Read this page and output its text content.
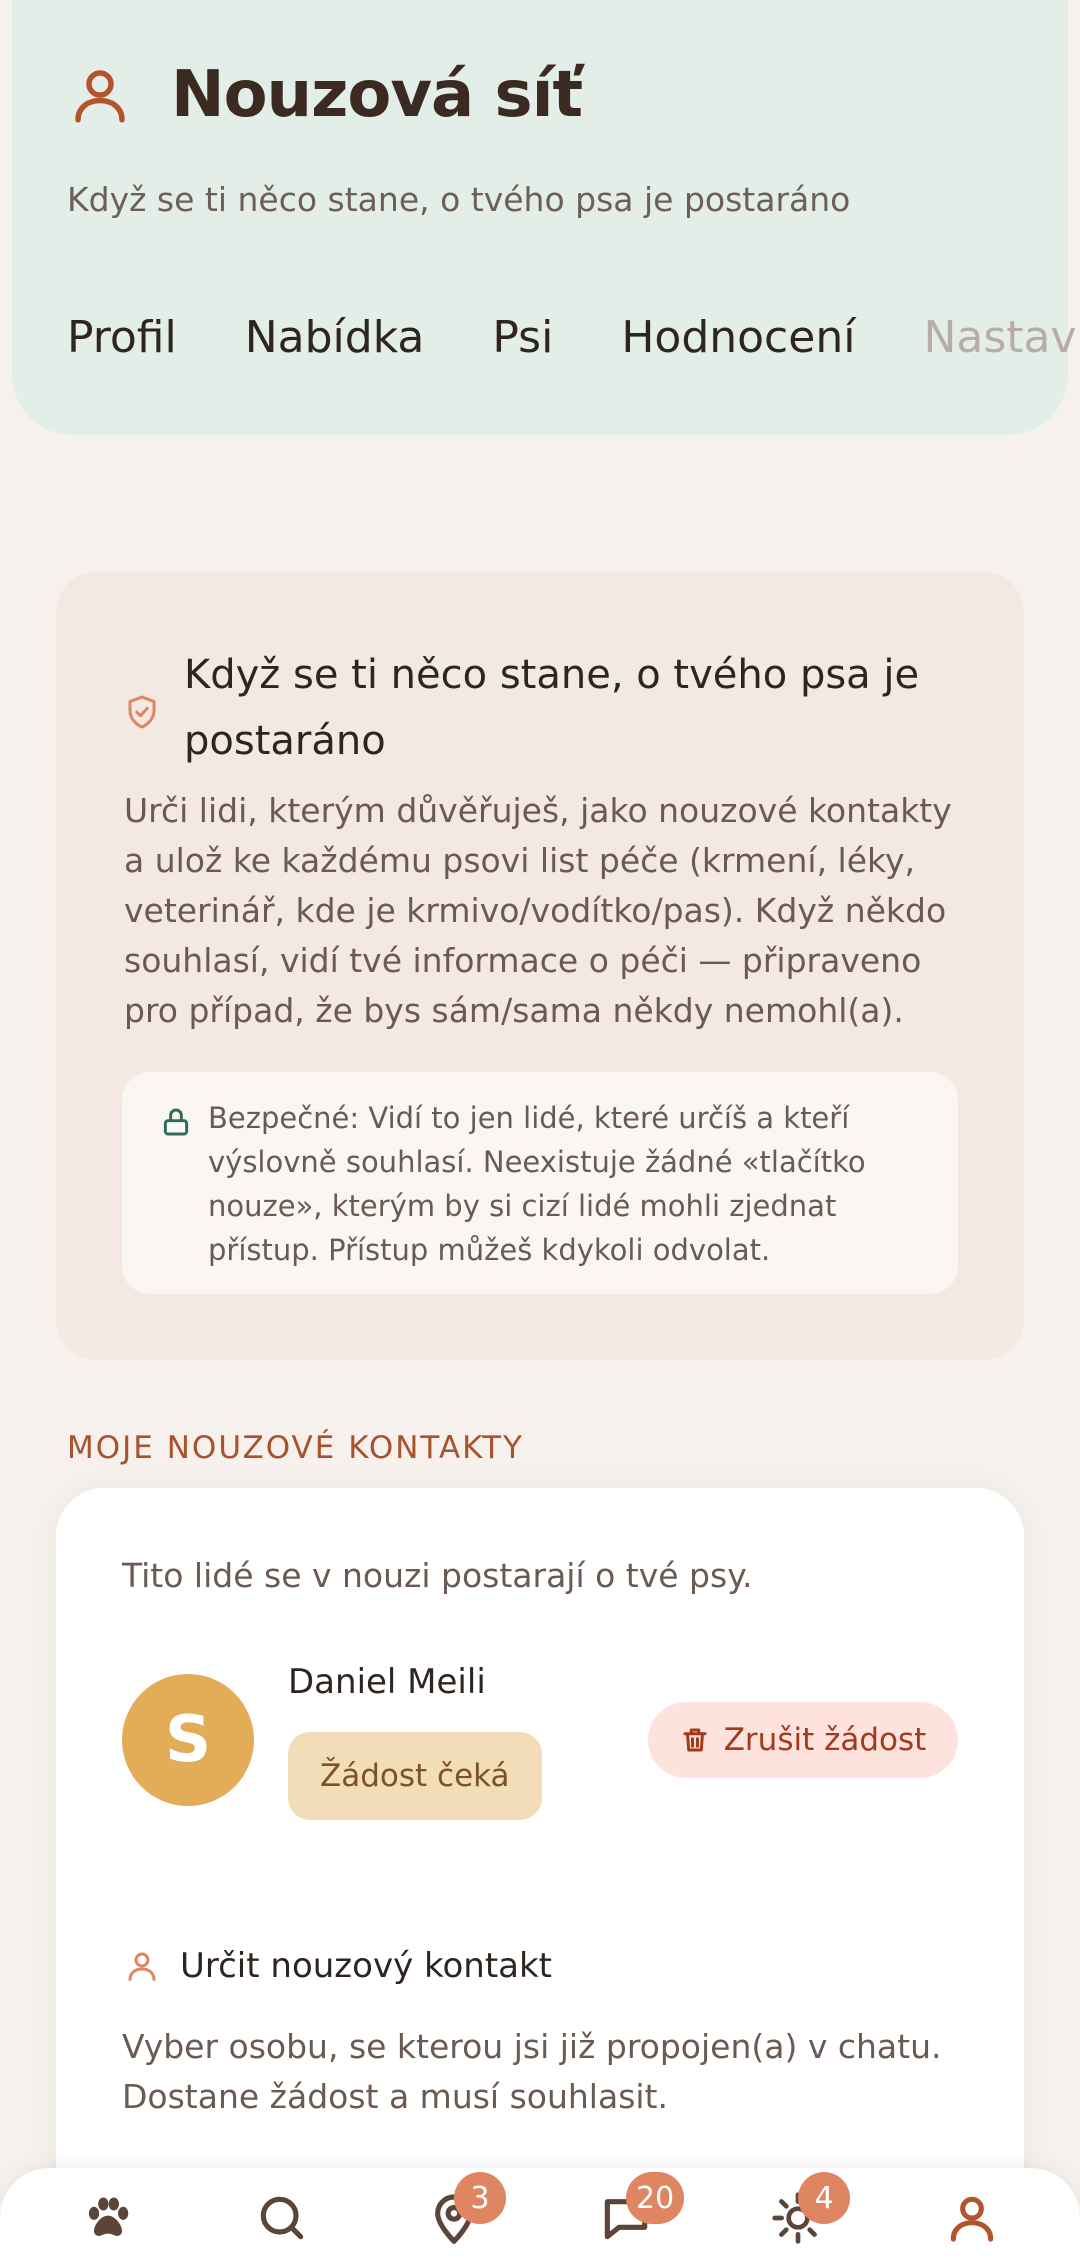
Nouzová síť
Když se ti něco stane, o tvého psa je postaráno
Profil Nabídka Psi Hodnocení Nastav
Když se ti něco stane, o tvého psa je postaráno

Urči lidi, kterým důvěřuješ, jako nouzové kontakty a ulož ke každému psovi list péče (krmení, léky, veterinář, kde je krmivo/vodítko/pas). Když někdo souhlasí, vidí tvé informace o péči — připraveno pro případ, že bys sám/sama někdy nemohl(a).

Bezpečné: Vidí to jen lidé, které určíš a kteří výslovně souhlasí. Neexistuje žádné «tlačítko nouze», kterým by si cizí lidé mohli zjednat přístup. Přístup můžeš kdykoli odvolat.

MOJE NOUZOVÉ KONTAKTY

Tito lidé se v nouzi postarají o tvé psy.

S
Daniel Meili
Žádost čeká
Zrušit žádost
Určit nouzový kontakt

Vyber osobu, se kterou jsi již propojen(a) v chatu. Dostane žádost a musí souhlasit.

3	20	4
